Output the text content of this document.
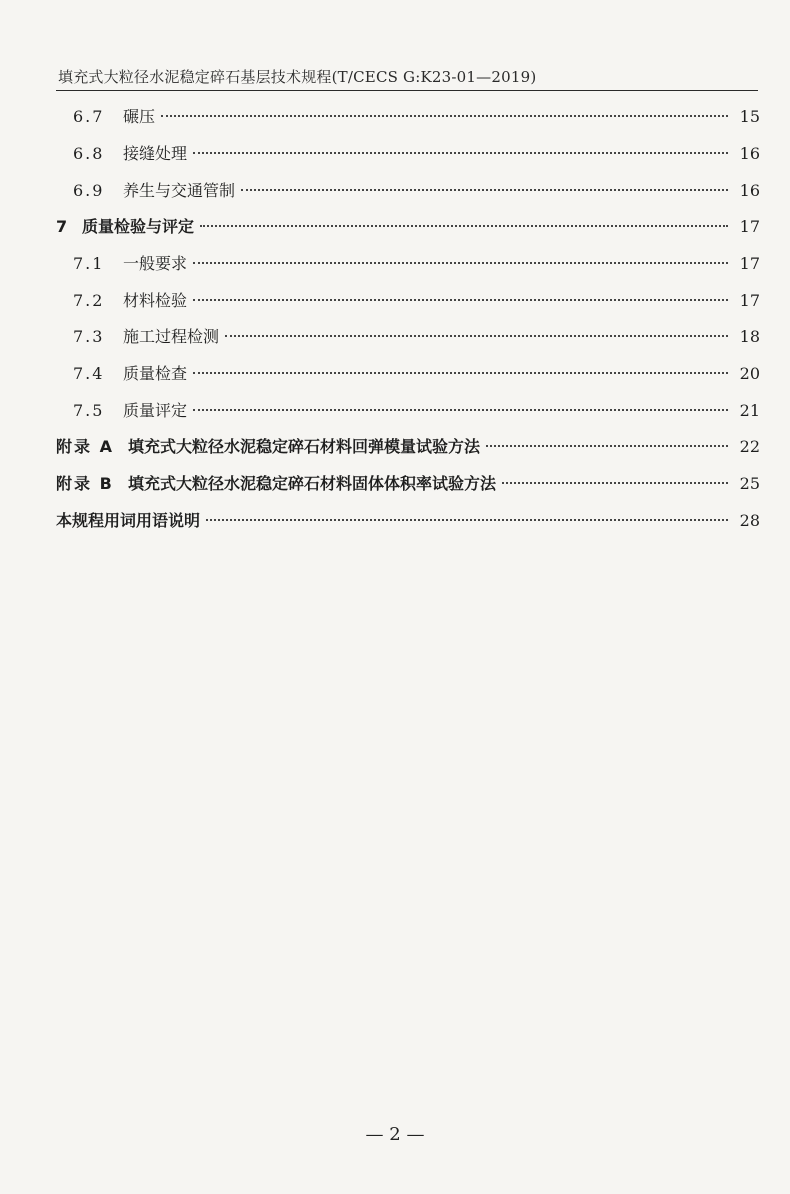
填充式大粒径水泥稳定碎石基层技术规程(T/CECS G:K23-01—2019)
6.7	碾压	15
6.8	接缝处理	16
6.9	养生与交通管制	16
7 质量检验与评定	17
7.1	一般要求	17
7.2	材料检验	17
7.3	施工过程检测	18
7.4	质量检查	20
7.5	质量评定	21
附录 A 填充式大粒径水泥稳定碎石材料回弹模量试验方法	22
附录 B 填充式大粒径水泥稳定碎石材料固体体积率试验方法	25
本规程用词用语说明	28
— 2 —
